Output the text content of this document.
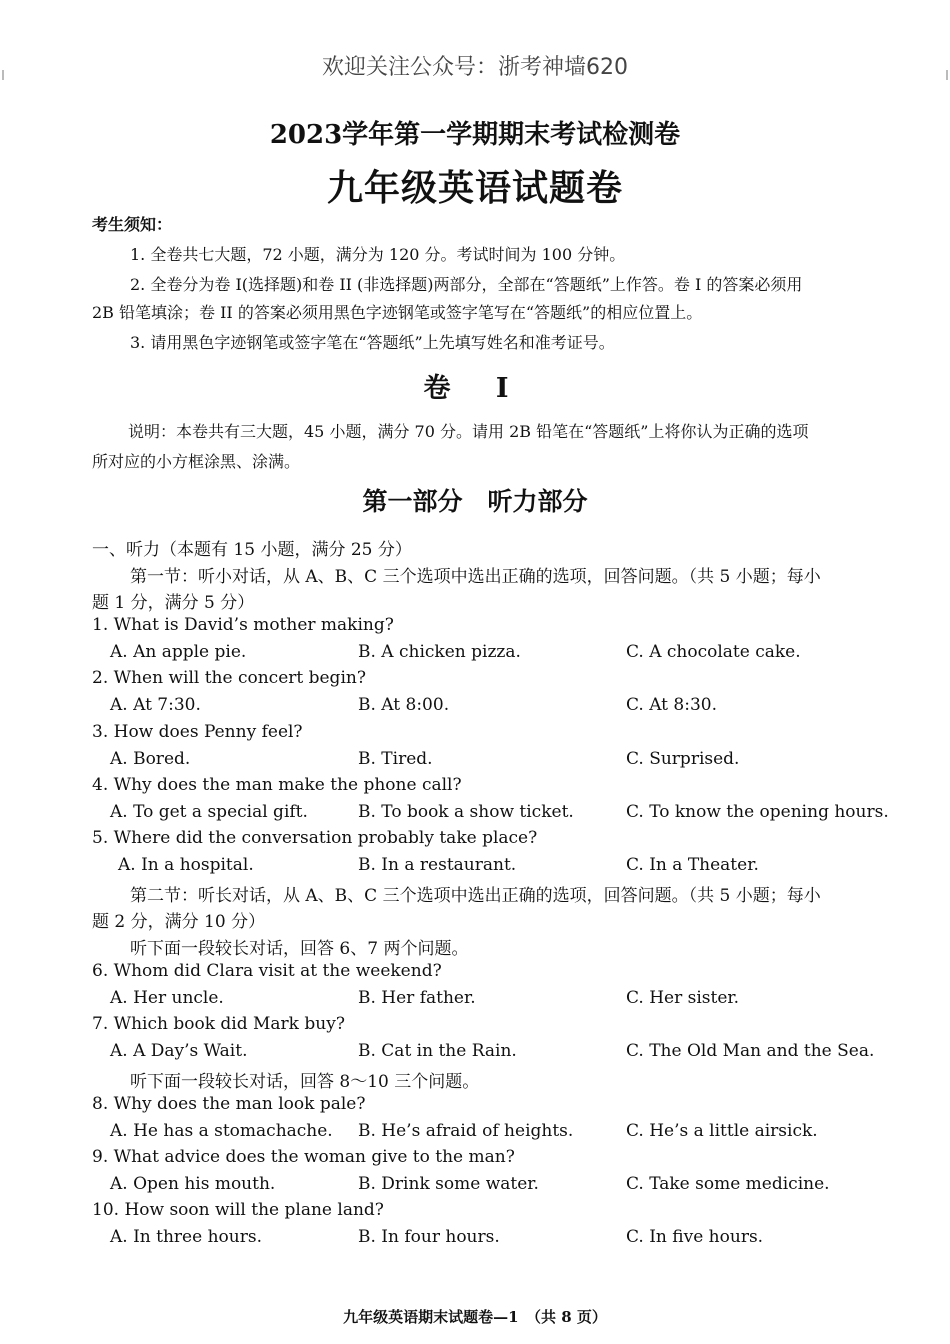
欢迎关注公众号：浙考神墙620
2023学年第一学期期末考试检测卷
九年级英语试题卷
考生须知：
1. 全卷共七大题，72 小题，满分为 120 分。考试时间为 100 分钟。
2. 全卷分为卷 I(选择题)和卷 II (非选择题)两部分，全部在“答题纸”上作答。卷 I 的答案必须用
2B 铅笔填涂；卷 II 的答案必须用黑色字迹钢笔或签字笔写在“答题纸”的相应位置上。
3. 请用黑色字迹钢笔或签字笔在“答题纸”上先填写姓名和准考证号。
卷 I
说明：本卷共有三大题，45 小题，满分 70 分。请用 2B 铅笔在“答题纸”上将你认为正确的选项
所对应的小方框涂黑、涂满。
第一部分　听力部分
一、听力（本题有 15 小题，满分 25 分）
第一节：听小对话，从 A、B、C 三个选项中选出正确的选项，回答问题。（共 5 小题；每小
题 1 分，满分 5 分）
1. What is David’s mother making?
A. An apple pie.	B. A chicken pizza.	C. A chocolate cake.
2. When will the concert begin?
A. At 7:30.	B. At 8:00.	C. At 8:30.
3. How does Penny feel?
A. Bored.	B. Tired.	C. Surprised.
4. Why does the man make the phone call?
A. To get a special gift.	B. To book a show ticket.	C. To know the opening hours.
5. Where did the conversation probably take place?
A. In a hospital.	B. In a restaurant.	C. In a Theater.
第二节：听长对话，从 A、B、C 三个选项中选出正确的选项，回答问题。（共 5 小题；每小
题 2 分，满分 10 分）
听下面一段较长对话，回答 6、7 两个问题。
6. Whom did Clara visit at the weekend?
A. Her uncle.	B. Her father.	C. Her sister.
7. Which book did Mark buy?
A. A Day’s Wait.	B. Cat in the Rain.	C. The Old Man and the Sea.
听下面一段较长对话，回答 8～10 三个问题。
8. Why does the man look pale?
A. He has a stomachache. B. He’s afraid of heights.	C. He’s a little airsick.
9. What advice does the woman give to the man?
A. Open his mouth.	B. Drink some water.	C. Take some medicine.
10. How soon will the plane land?
A. In three hours.	B. In four hours.	C. In five hours.
九年级英语期末试题卷—1　（共 8 页）
